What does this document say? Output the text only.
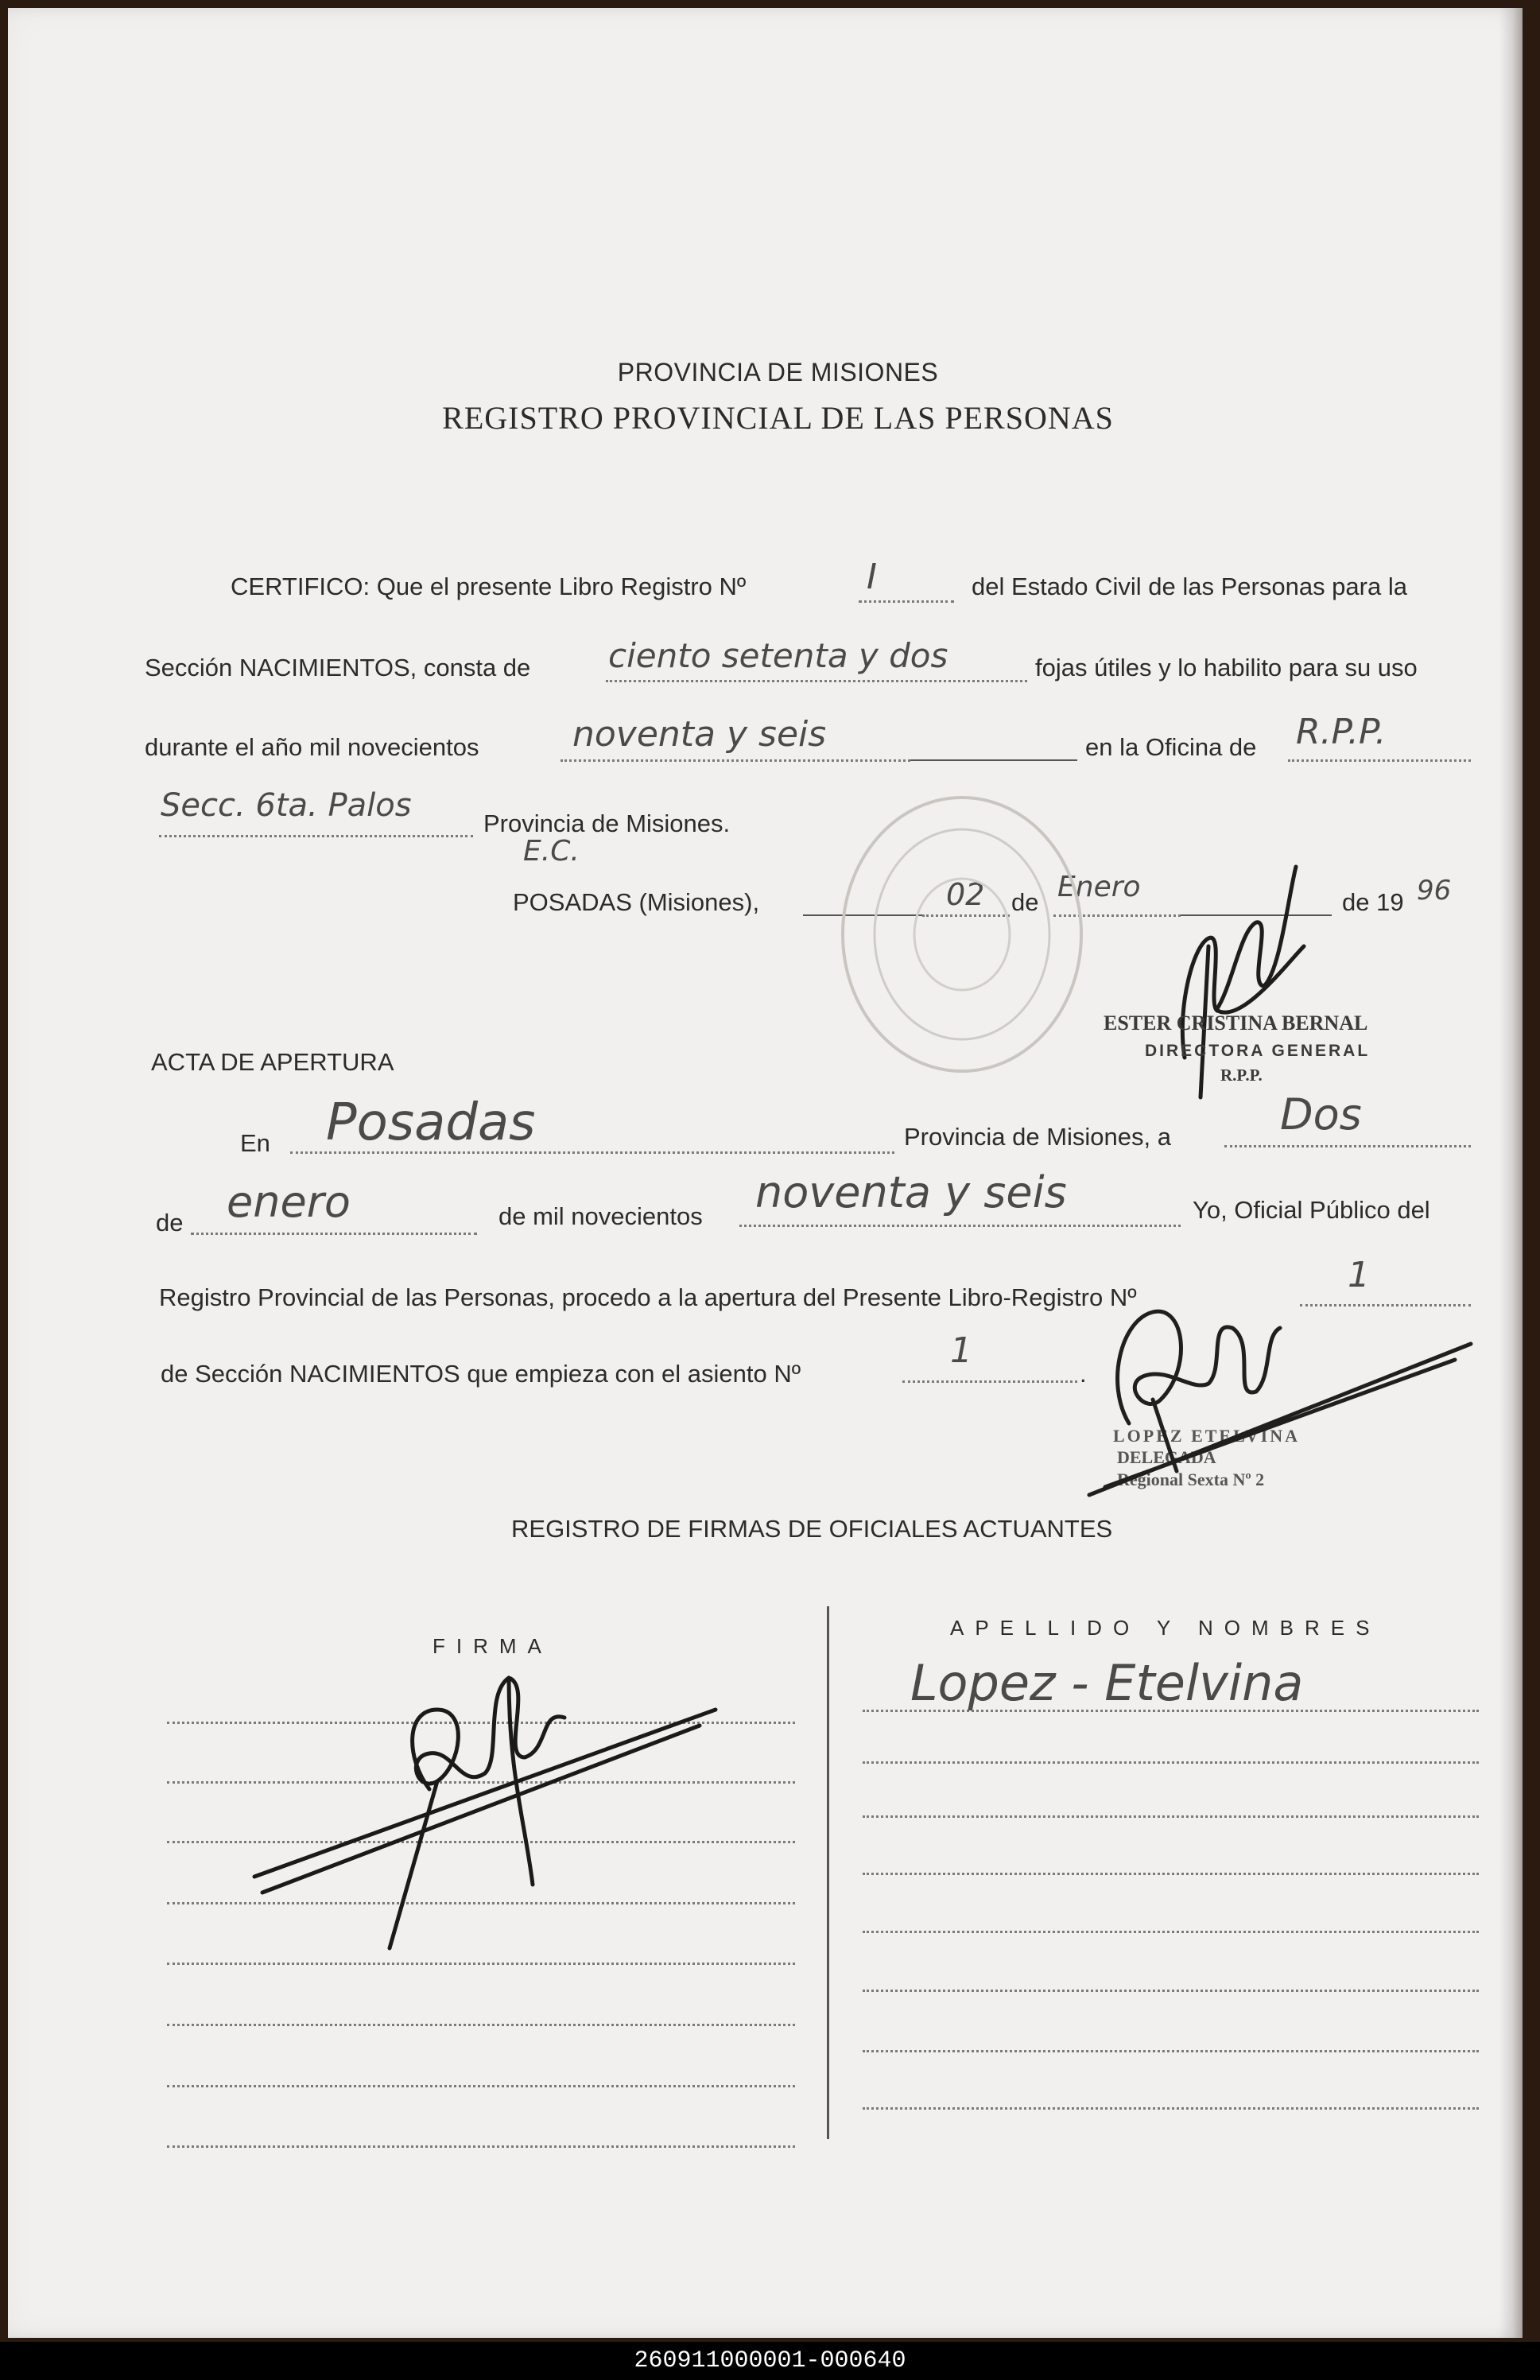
PROVINCIA DE MISIONES
REGISTRO PROVINCIAL DE LAS PERSONAS
CERTIFICO: Que el presente Libro Registro Nº	I	del Estado Civil de las Personas para la
Sección NACIMIENTOS, consta de ciento setenta y dos	fojas útiles y lo habilito para su uso
durante el año mil novecientos	noventa y seis	en la Oficina de R.P.P.
Secc. 6ta. Palos	Provincia de Misiones.
E.C.
POSADAS (Misiones),	02 de Enero	de 19 96
ESTER CRISTINA BERNAL
DIRECTORA GENERAL
R.P.P.
ACTA DE APERTURA
En Posadas	Provincia de Misiones, a	Dos
de enero	de mil novecientos noventa y seis	Yo, Oficial Público del
Registro Provincial de las Personas, procedo a la apertura del Presente Libro-Registro Nº
1
de Sección NACIMIENTOS que empieza con el asiento Nº
1
.
LOPEZ ETELVINA
DELEGADA
Regional Sexta Nº 2
REGISTRO DE FIRMAS DE OFICIALES ACTUANTES
FIRMA
APELLIDO Y NOMBRES
Lopez - Etelvina
260911000001-000640
